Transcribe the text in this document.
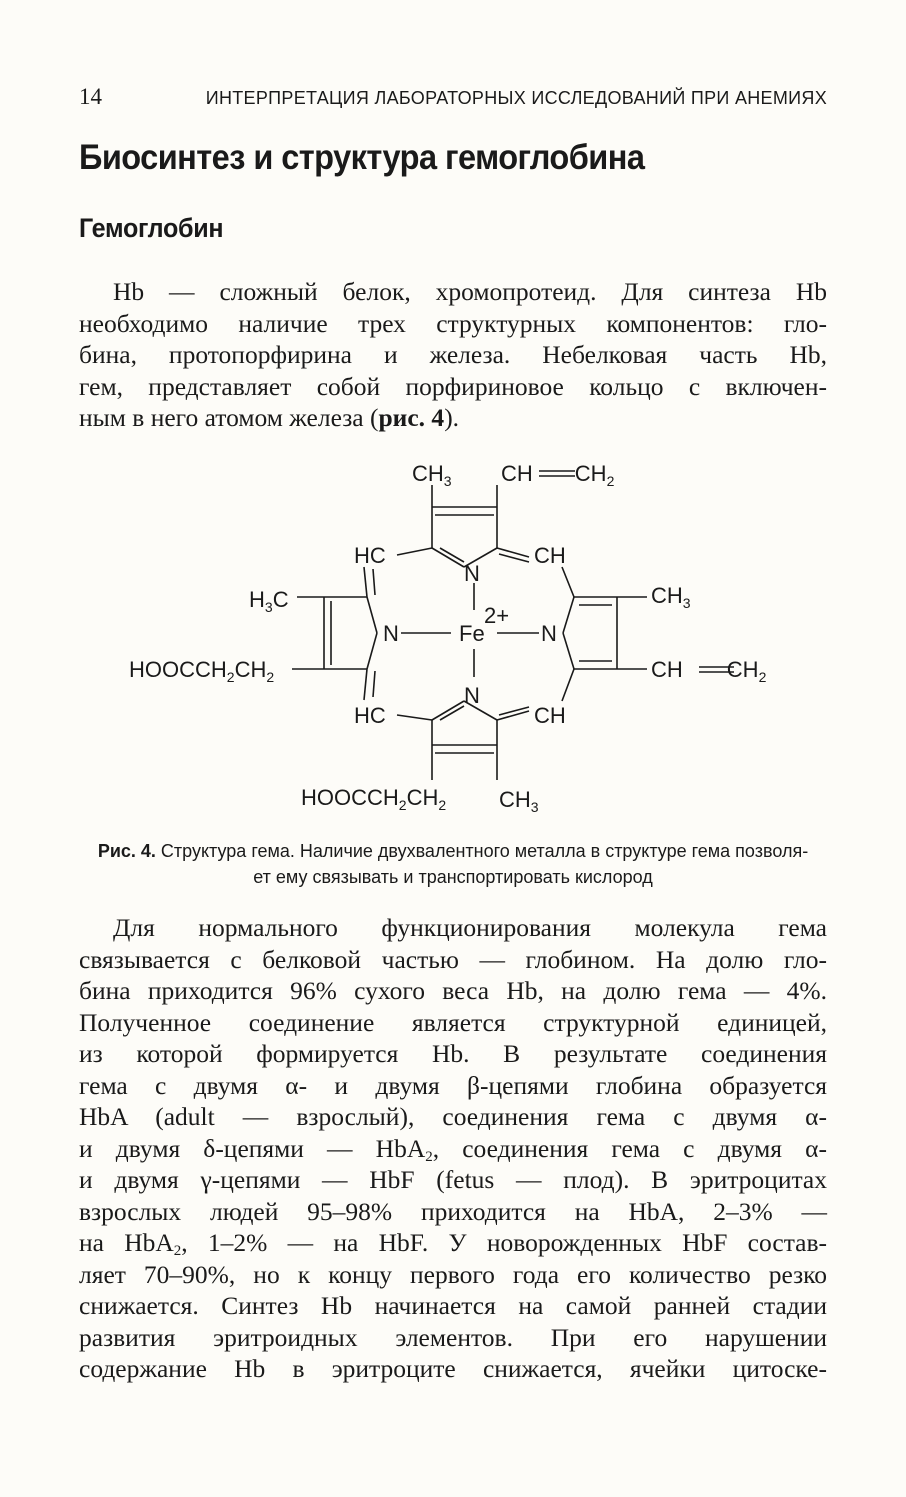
14	ИНТЕРПРЕТАЦИЯ ЛАБОРАТОРНЫХ ИССЛЕДОВАНИЙ ПРИ АНЕМИЯХ
Биосинтез и структура гемоглобина
Гемоглобин

Hb — сложный белок, хромопротеид. Для синтеза Hb
необходимо наличие трех структурных компонентов: гло-
бина, протопорфирина и железа. Небелковая часть Hb,
гем, представляет собой порфириновое кольцо с включен-
ным в него атомом железа (рис. 4).

$CH_3$ CH $CH_2$
HC	CH
N
$H_3C$	$CH_3$
N	Fe
2+
N
$HOOCCH_2CH_2$	CH $CH_2$
N
HC	CH
$HOOCCH_2CH_2$ $CH_3$
Рис. 4. Структура гема. Наличие двухвалентного металла в структуре гема позволя-
ет ему связывать и транспортировать кислород

Для нормального функционирования молекула гема
связывается с белковой частью — глобином. На долю гло-
бина приходится 96% сухого веса Hb, на долю гема — 4%.
Полученное соединение является структурной единицей,
из которой формируется Hb. В результате соединения
гема с двумя α- и двумя β-цепями глобина образуется
HbA (adult — взрослый), соединения гема с двумя α-
и двумя δ-цепями — HbA$_2$, соединения гема с двумя α-
и двумя γ-цепями — HbF (fetus — плод). В эритроцитах
взрослых людей 95–98% приходится на HbA, 2–3% —
на HbA$_2$, 1–2% — на HbF. У новорожденных HbF состав-
ляет 70–90%, но к концу первого года его количество резко
снижается. Синтез Hb начинается на самой ранней стадии
развития эритроидных элементов. При его нарушении
содержание Hb в эритроците снижается, ячейки цитоске-
